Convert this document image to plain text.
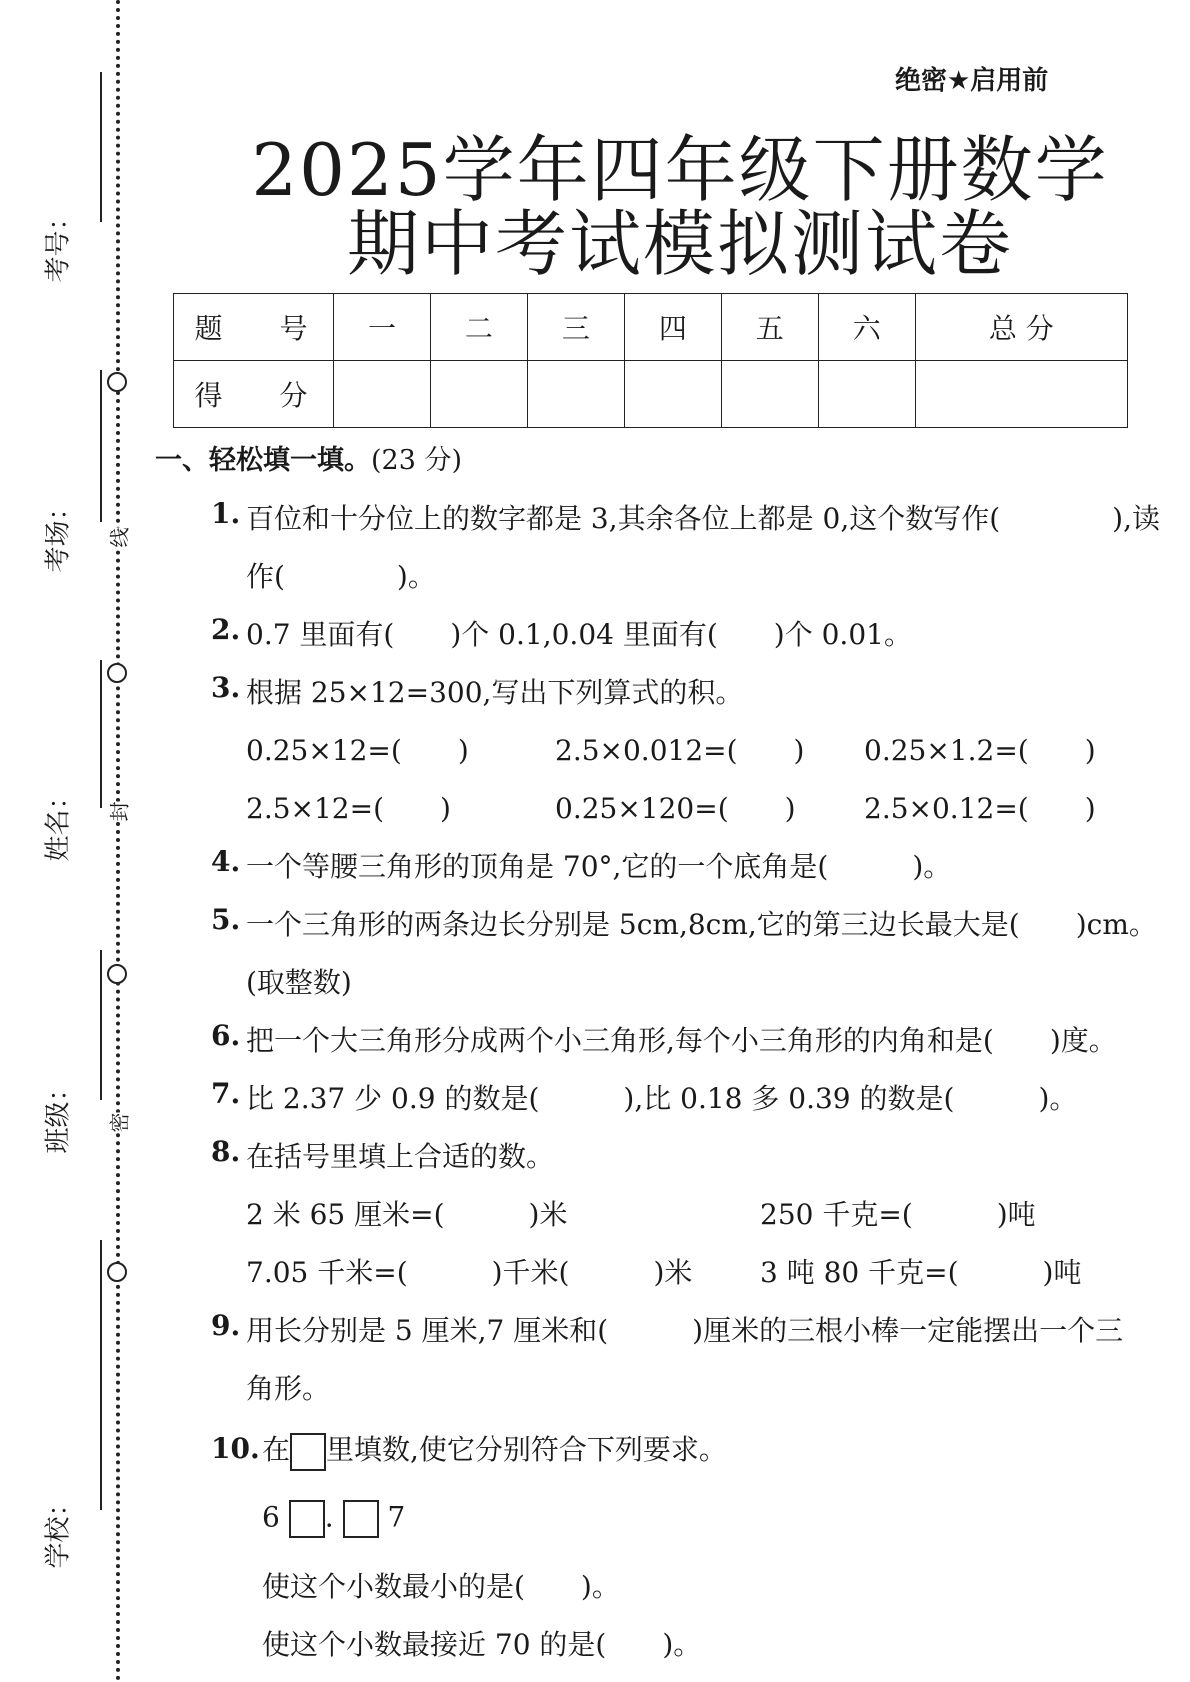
考号：
考场：
姓名：
班级：
学校：
线
封
密
绝密★启用前
2025学年四年级下册数学
期中考试模拟测试卷
题 号	一	二	三	四	五	六	总 分
得 分							
一、轻松填一填。(23 分)
1. 百位和十分位上的数字都是 3,其余各位上都是 0,这个数写作(　　　　),读
作(　　　　)。
2. 0.7 里面有(　　)个 0.1,0.04 里面有(　　)个 0.01。
3. 根据 25×12=300,写出下列算式的积。
0.25×12=(　　)	2.5×0.012=(　　) 0.25×1.2=(　　)
2.5×12=(　　)	0.25×120=(　　) 2.5×0.12=(　　)
4. 一个等腰三角形的顶角是 70°,它的一个底角是(　　　)。
5. 一个三角形的两条边长分别是 5cm,8cm,它的第三边长最大是(　　)cm。
(取整数)
6. 把一个大三角形分成两个小三角形,每个小三角形的内角和是(　　)度。
7. 比 2.37 少 0.9 的数是(　　　),比 0.18 多 0.39 的数是(　　　)。
8. 在括号里填上合适的数。
2 米 65 厘米=(　　　)米	250 千克=(　　　)吨
7.05 千米=(　　　)千米(　　　)米 3 吨 80 千克=(　　　)吨
9. 用长分别是 5 厘米,7 厘米和(　　　)厘米的三根小棒一定能摆出一个三
角形。
10. 在 里填数,使它分别符合下列要求。
6 . 7
使这个小数最小的是(　　)。
使这个小数最接近 70 的是(　　)。
